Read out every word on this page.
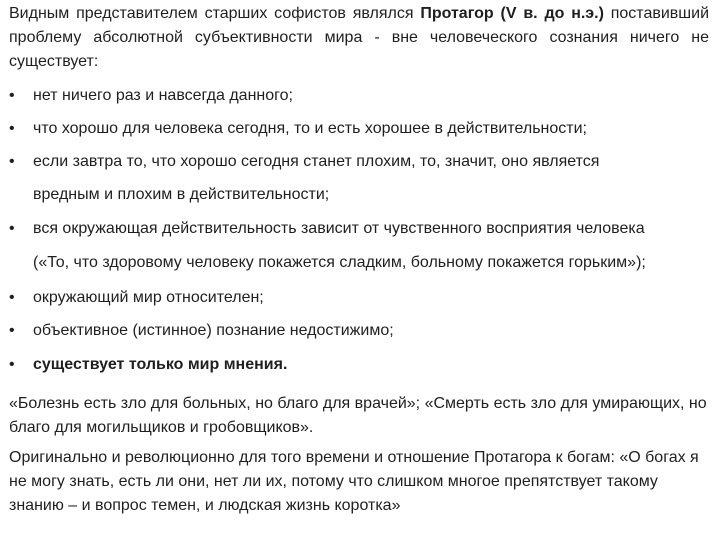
Видным представителем старших софистов являлся Протагор (V в. до н.э.) поставивший проблему абсолютной субъективности мира - вне человеческого сознания ничего не существует:

• нет ничего раз и навсегда данного;

• что хорошо для человека сегодня, то и есть хорошее в действительности;

• если завтра то, что хорошо сегодня станет плохим, то, значит, оно является

вредным и плохим в действительности;

• вся окружающая действительность зависит от чувственного восприятия человека

(«То, что здоровому человеку покажется сладким, больному покажется горьким»);

• окружающий мир относителен;

• объективное (истинное) познание недостижимо;

• существует только мир мнения.

«Болезнь есть зло для больных, но благо для врачей»; «Смерть есть зло для умирающих, но благо для могильщиков и гробовщиков».

Оригинально и революционно для того времени и отношение Протагора к богам: «О богах я не могу знать, есть ли они, нет ли их, потому что слишком многое препятствует такому знанию – и вопрос темен, и людская жизнь коротка»
